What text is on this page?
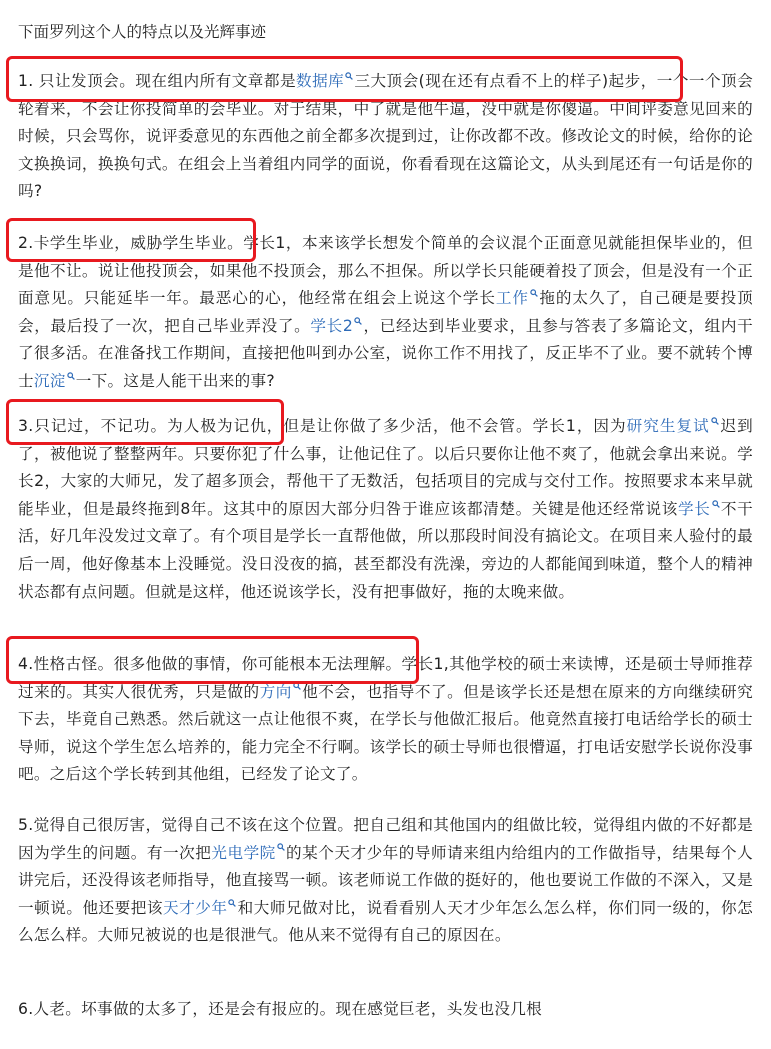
下面罗列这个人的特点以及光辉事迹

1. 只让发顶会。现在组内所有文章都是数据库 三大顶会(现在还有点看不上的样子)起步，一个一个顶会轮着来，不会让你投简单的会毕业。对于结果，中了就是他牛逼，没中就是你傻逼。中间评委意见回来的时候，只会骂你，说评委意见的东西他之前全都多次提到过，让你改都不改。修改论文的时候，给你的论文换换词，换换句式。在组会上当着组内同学的面说，你看看现在这篇论文，从头到尾还有一句话是你的吗?

2.卡学生毕业，威胁学生毕业。学长1，本来该学长想发个简单的会议混个正面意见就能担保毕业的，但是他不让。说让他投顶会，如果他不投顶会，那么不担保。所以学长只能硬着投了顶会，但是没有一个正面意见。只能延毕一年。最恶心的心，他经常在组会上说这个学长工作 拖的太久了，自己硬是要投顶会，最后投了一次，把自己毕业弄没了。学长2 ，已经达到毕业要求，且参与答表了多篇论文，组内干了很多活。在准备找工作期间，直接把他叫到办公室，说你工作不用找了，反正毕不了业。要不就转个博士沉淀 一下。这是人能干出来的事?

3.只记过，不记功。为人极为记仇，但是让你做了多少活，他不会管。学长1，因为研究生复试 迟到了，被他说了整整两年。只要你犯了什么事，让他记住了。以后只要你让他不爽了，他就会拿出来说。学长2，大家的大师兄，发了超多顶会，帮他干了无数活，包括项目的完成与交付工作。按照要求本来早就能毕业，但是最终拖到8年。这其中的原因大部分归咎于谁应该都清楚。关键是他还经常说该学长 不干活，好几年没发过文章了。有个项目是学长一直帮他做，所以那段时间没有搞论文。在项目来人验付的最后一周，他好像基本上没睡觉。没日没夜的搞，甚至都没有洗澡，旁边的人都能闻到味道，整个人的精神状态都有点问题。但就是这样，他还说该学长，没有把事做好，拖的太晚来做。

4.性格古怪。很多他做的事情，你可能根本无法理解。学长1,其他学校的硕士来读博，还是硕士导师推荐过来的。其实人很优秀，只是做的方向 他不会，也指导不了。但是该学长还是想在原来的方向继续研究下去，毕竟自己熟悉。然后就这一点让他很不爽，在学长与他做汇报后。他竟然直接打电话给学长的硕士导师，说这个学生怎么培养的，能力完全不行啊。该学长的硕士导师也很懵逼，打电话安慰学长说你没事吧。之后这个学长转到其他组，已经发了论文了。

5.觉得自己很厉害，觉得自己不该在这个位置。把自己组和其他国内的组做比较，觉得组内做的不好都是因为学生的问题。有一次把光电学院 的某个天才少年的导师请来组内给组内的工作做指导，结果每个人讲完后，还没得该老师指导，他直接骂一顿。该老师说工作做的挺好的，他也要说工作做的不深入，又是一顿说。他还要把该天才少年 和大师兄做对比，说看看别人天才少年怎么怎么样，你们同一级的，你怎么怎么样。大师兄被说的也是很泄气。他从来不觉得有自己的原因在。

6.人老。坏事做的太多了，还是会有报应的。现在感觉巨老，头发也没几根
